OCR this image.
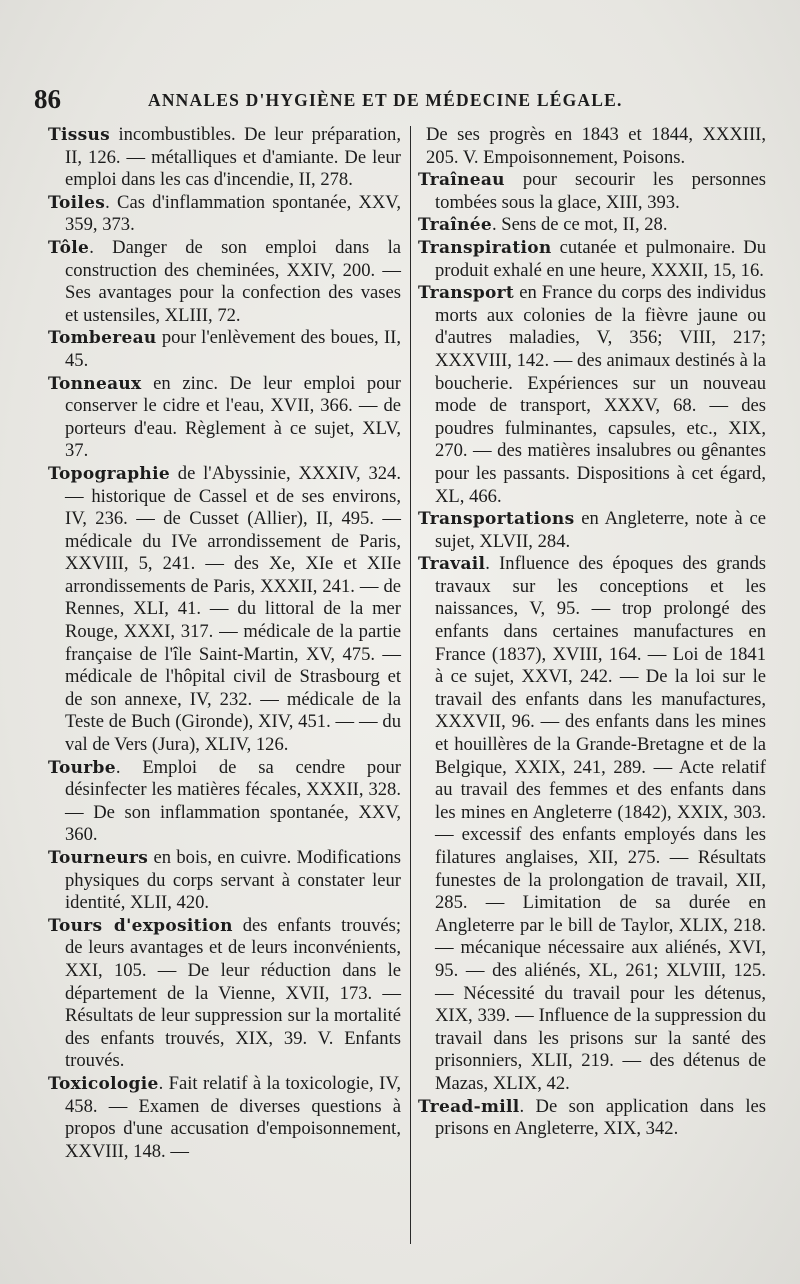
86	ANNALES D'HYGIÈNE ET DE MÉDECINE LÉGALE.

Tissus incombustibles. De leur préparation, II, 126. — métalliques et d'amiante. De leur emploi dans les cas d'incendie, II, 278.

Toiles. Cas d'inflammation spontanée, XXV, 359, 373.

Tôle. Danger de son emploi dans la construction des cheminées, XXIV, 200. — Ses avantages pour la confection des vases et ustensiles, XLIII, 72.

Tombereau pour l'enlèvement des boues, II, 45.

Tonneaux en zinc. De leur emploi pour conserver le cidre et l'eau, XVII, 366. — de porteurs d'eau. Règlement à ce sujet, XLV, 37.

Topographie de l'Abyssinie, XXXIV, 324. — historique de Cassel et de ses environs, IV, 236. — de Cusset (Allier), II, 495. — médicale du IVe arrondissement de Paris, XXVIII, 5, 241. — des Xe, XIe et XIIe arrondissements de Paris, XXXII, 241. — de Rennes, XLI, 41. — du littoral de la mer Rouge, XXXI, 317. — médicale de la partie française de l'île Saint-Martin, XV, 475. — médicale de l'hôpital civil de Strasbourg et de son annexe, IV, 232. — médicale de la Teste de Buch (Gironde), XIV, 451. — — du val de Vers (Jura), XLIV, 126.

Tourbe. Emploi de sa cendre pour désinfecter les matières fécales, XXXII, 328. — De son inflammation spontanée, XXV, 360.

Tourneurs en bois, en cuivre. Modifications physiques du corps servant à constater leur identité, XLII, 420.

Tours d'exposition des enfants trouvés; de leurs avantages et de leurs inconvénients, XXI, 105. — De leur réduction dans le département de la Vienne, XVII, 173. — Résultats de leur suppression sur la mortalité des enfants trouvés, XIX, 39. V. Enfants trouvés.

Toxicologie. Fait relatif à la toxicologie, IV, 458. — Examen de diverses questions à propos d'une accusation d'empoisonnement, XXVIII, 148. —

De ses progrès en 1843 et 1844, XXXIII, 205. V. Empoisonnement, Poisons.

Traîneau pour secourir les personnes tombées sous la glace, XIII, 393.

Traînée. Sens de ce mot, II, 28.

Transpiration cutanée et pulmonaire. Du produit exhalé en une heure, XXXII, 15, 16.

Transport en France du corps des individus morts aux colonies de la fièvre jaune ou d'autres maladies, V, 356; VIII, 217; XXXVIII, 142. — des animaux destinés à la boucherie. Expériences sur un nouveau mode de transport, XXXV, 68. — des poudres fulminantes, capsules, etc., XIX, 270. — des matières insalubres ou gênantes pour les passants. Dispositions à cet égard, XL, 466.

Transportations en Angleterre, note à ce sujet, XLVII, 284.

Travail. Influence des époques des grands travaux sur les conceptions et les naissances, V, 95. — trop prolongé des enfants dans certaines manufactures en France (1837), XVIII, 164. — Loi de 1841 à ce sujet, XXVI, 242. — De la loi sur le travail des enfants dans les manufactures, XXXVII, 96. — des enfants dans les mines et houillères de la Grande-Bretagne et de la Belgique, XXIX, 241, 289. — Acte relatif au travail des femmes et des enfants dans les mines en Angleterre (1842), XXIX, 303. — excessif des enfants employés dans les filatures anglaises, XII, 275. — Résultats funestes de la prolongation de travail, XII, 285. — Limitation de sa durée en Angleterre par le bill de Taylor, XLIX, 218. — mécanique nécessaire aux aliénés, XVI, 95. — des aliénés, XL, 261; XLVIII, 125. — Nécessité du travail pour les détenus, XIX, 339. — Influence de la suppression du travail dans les prisons sur la santé des prisonniers, XLII, 219. — des détenus de Mazas, XLIX, 42.

Tread-mill. De son application dans les prisons en Angleterre, XIX, 342.
